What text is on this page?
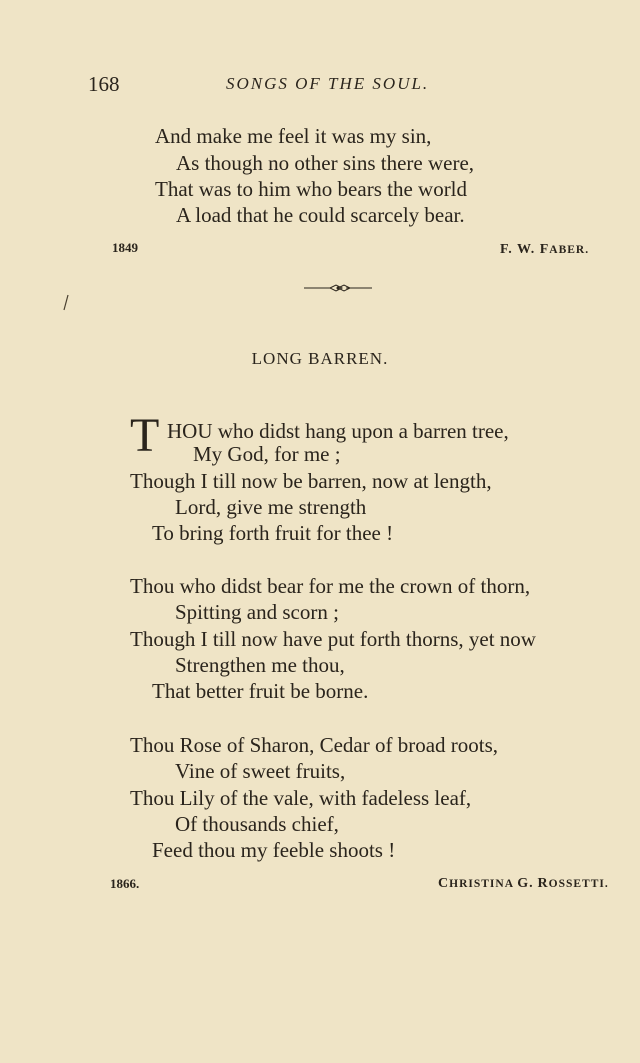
168	SONGS OF THE SOUL.
And make me feel it was my sin,
As though no other sins there were,
That was to him who bears the world
A load that he could scarcely bear.
1849	F. W. FABER.
LONG BARREN.
T HOU who didst hang upon a barren tree,
My God, for me ;
Though I till now be barren, now at length,
Lord, give me strength
To bring forth fruit for thee !
Thou who didst bear for me the crown of thorn,
Spitting and scorn ;
Though I till now have put forth thorns, yet now
Strengthen me thou,
That better fruit be borne.
Thou Rose of Sharon, Cedar of broad roots,
Vine of sweet fruits,
Thou Lily of the vale, with fadeless leaf,
Of thousands chief,
Feed thou my feeble shoots !
1866.	CHRISTINA G. ROSSETTI.
